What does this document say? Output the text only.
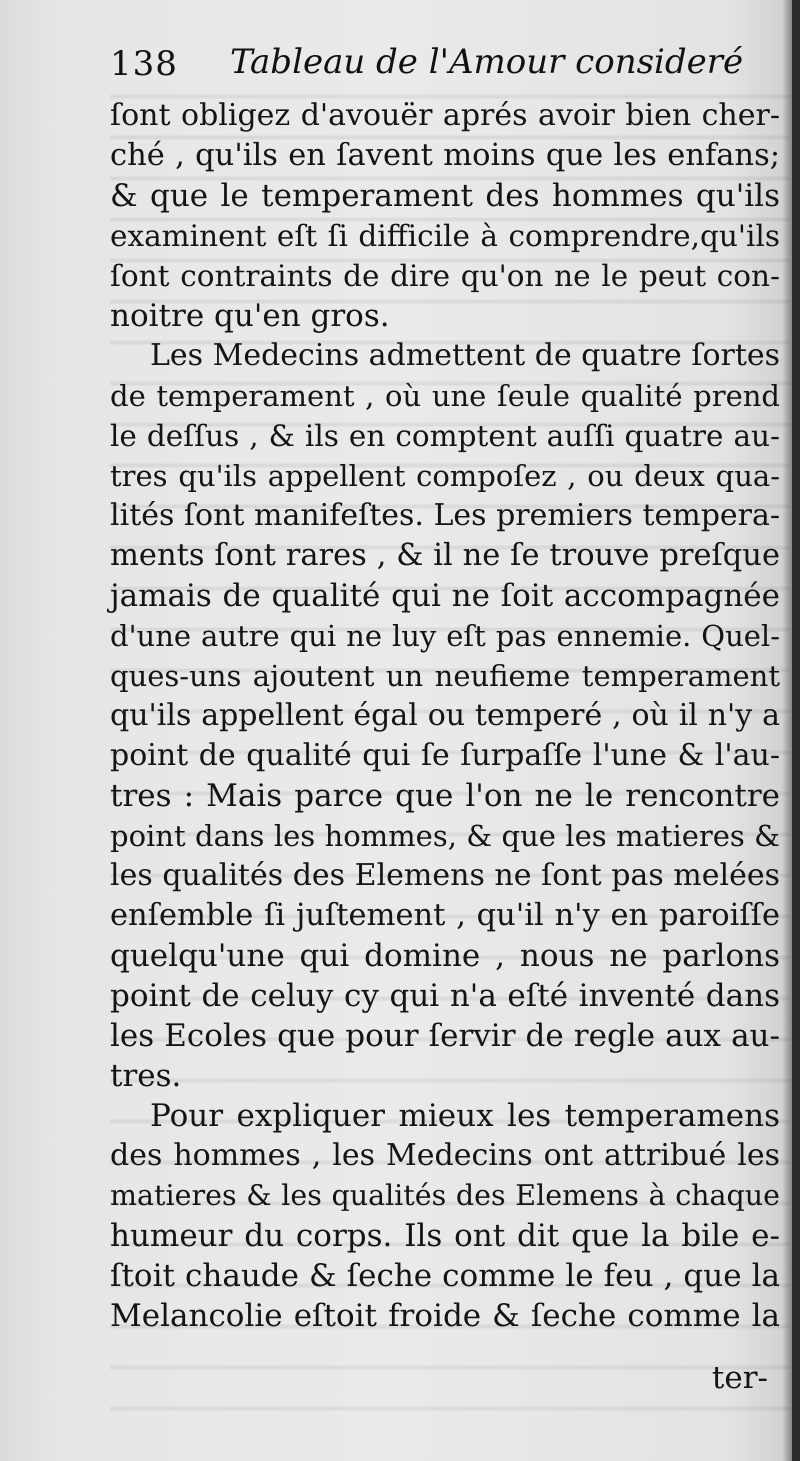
138 Tableau de l'Amour consideré
ſont obligez d'avouër aprés avoir bien cher-
ché , qu'ils en ſavent moins que les enfans;
& que le temperament des hommes qu'ils
examinent eſt ſi difficile à comprendre,qu'ils
ſont contraints de dire qu'on ne le peut con-
noitre qu'en gros.
Les Medecins admettent de quatre ſortes
de temperament , où une ſeule qualité prend
le deſſus , & ils en comptent auſſi quatre au-
tres qu'ils appellent compoſez , ou deux qua-
lités ſont manifeſtes. Les premiers tempera-
ments ſont rares , & il ne ſe trouve preſque
jamais de qualité qui ne ſoit accompagnée
d'une autre qui ne luy eſt pas ennemie. Quel-
ques-uns ajoutent un neufieme temperament
qu'ils appellent égal ou temperé , où il n'y a
point de qualité qui ſe ſurpaſſe l'une & l'au-
tres : Mais parce que l'on ne le rencontre
point dans les hommes, & que les matieres &
les qualités des Elemens ne ſont pas melées
enſemble ſi juſtement , qu'il n'y en paroiſſe
quelqu'une qui domine , nous ne parlons
point de celuy cy qui n'a eſté inventé dans
les Ecoles que pour ſervir de regle aux au-
tres.
Pour expliquer mieux les temperamens
des hommes , les Medecins ont attribué les
matieres & les qualités des Elemens à chaque
humeur du corps. Ils ont dit que la bile e-
ſtoit chaude & ſeche comme le feu , que la
Melancolie eſtoit froide & ſeche comme la
ter-
